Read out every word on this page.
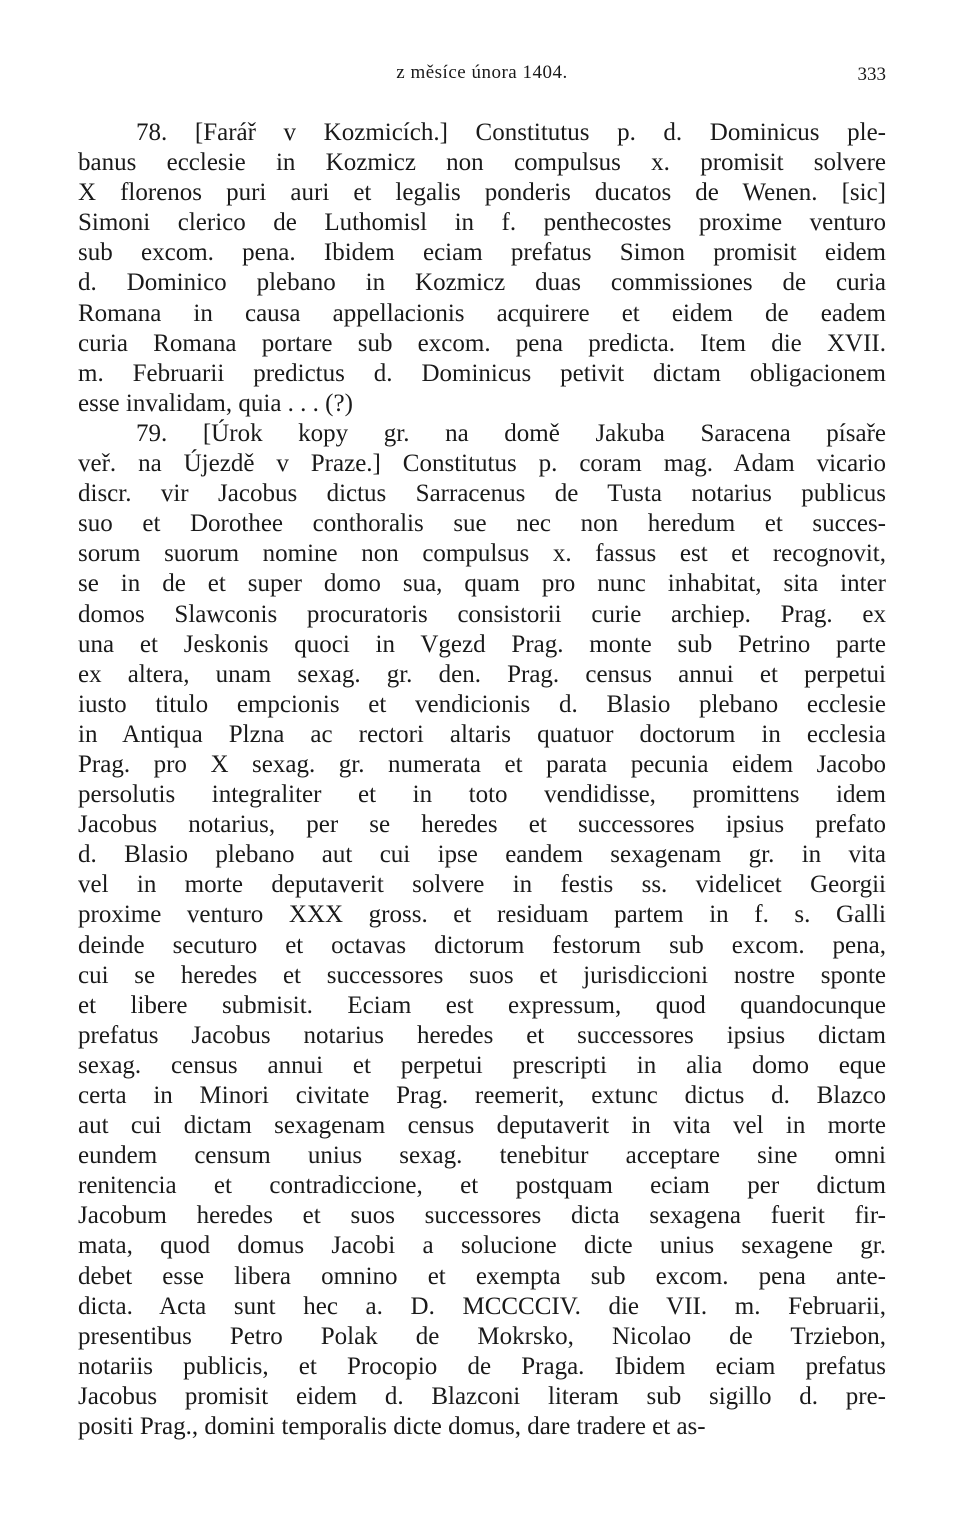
z měsíce února 1404.	333
78. [Farář v Kozmicích.] Constitutus p. d. Dominicus ple-
banus ecclesie in Kozmicz non compulsus x. promisit solvere
X florenos puri auri et legalis ponderis ducatos de Wenen. [sic]
Simoni clerico de Luthomisl in f. penthecostes proxime venturo
sub excom. pena. Ibidem eciam prefatus Simon promisit eidem
d. Dominico plebano in Kozmicz duas commissiones de curia
Romana in causa appellacionis acquirere et eidem de eadem
curia Romana portare sub excom. pena predicta. Item die XVII.
m. Februarii predictus d. Dominicus petivit dictam obligacionem
esse invalidam, quia . . . (?)
79. [Úrok kopy gr. na domě Jakuba Saracena písaře
veř. na Újezdě v Praze.] Constitutus p. coram mag. Adam vicario
discr. vir Jacobus dictus Sarracenus de Tusta notarius publicus
suo et Dorothee conthoralis sue nec non heredum et succes-
sorum suorum nomine non compulsus x. fassus est et recognovit,
se in de et super domo sua, quam pro nunc inhabitat, sita inter
domos Slawconis procuratoris consistorii curie archiep. Prag. ex
una et Jeskonis quoci in Vgezd Prag. monte sub Petrino parte
ex altera, unam sexag. gr. den. Prag. census annui et perpetui
iusto titulo empcionis et vendicionis d. Blasio plebano ecclesie
in Antiqua Plzna ac rectori altaris quatuor doctorum in ecclesia
Prag. pro X sexag. gr. numerata et parata pecunia eidem Jacobo
persolutis integraliter et in toto vendidisse, promittens idem
Jacobus notarius, per se heredes et successores ipsius prefato
d. Blasio plebano aut cui ipse eandem sexagenam gr. in vita
vel in morte deputaverit solvere in festis ss. videlicet Georgii
proxime venturo XXX gross. et residuam partem in f. s. Galli
deinde secuturo et octavas dictorum festorum sub excom. pena,
cui se heredes et successores suos et jurisdiccioni nostre sponte
et libere submisit. Eciam est expressum, quod quandocunque
prefatus Jacobus notarius heredes et successores ipsius dictam
sexag. census annui et perpetui prescripti in alia domo eque
certa in Minori civitate Prag. reemerit, extunc dictus d. Blazco
aut cui dictam sexagenam census deputaverit in vita vel in morte
eundem censum unius sexag. tenebitur acceptare sine omni
renitencia et contradiccione, et postquam eciam per dictum
Jacobum heredes et suos successores dicta sexagena fuerit fir-
mata, quod domus Jacobi a solucione dicte unius sexagene gr.
debet esse libera omnino et exempta sub excom. pena ante-
dicta. Acta sunt hec a. D. MCCCCIV. die VII. m. Februarii,
presentibus Petro Polak de Mokrsko, Nicolao de Trziebon,
notariis publicis, et Procopio de Praga. Ibidem eciam prefatus
Jacobus promisit eidem d. Blazconi literam sub sigillo d. pre-
positi Prag., domini temporalis dicte domus, dare tradere et as-
